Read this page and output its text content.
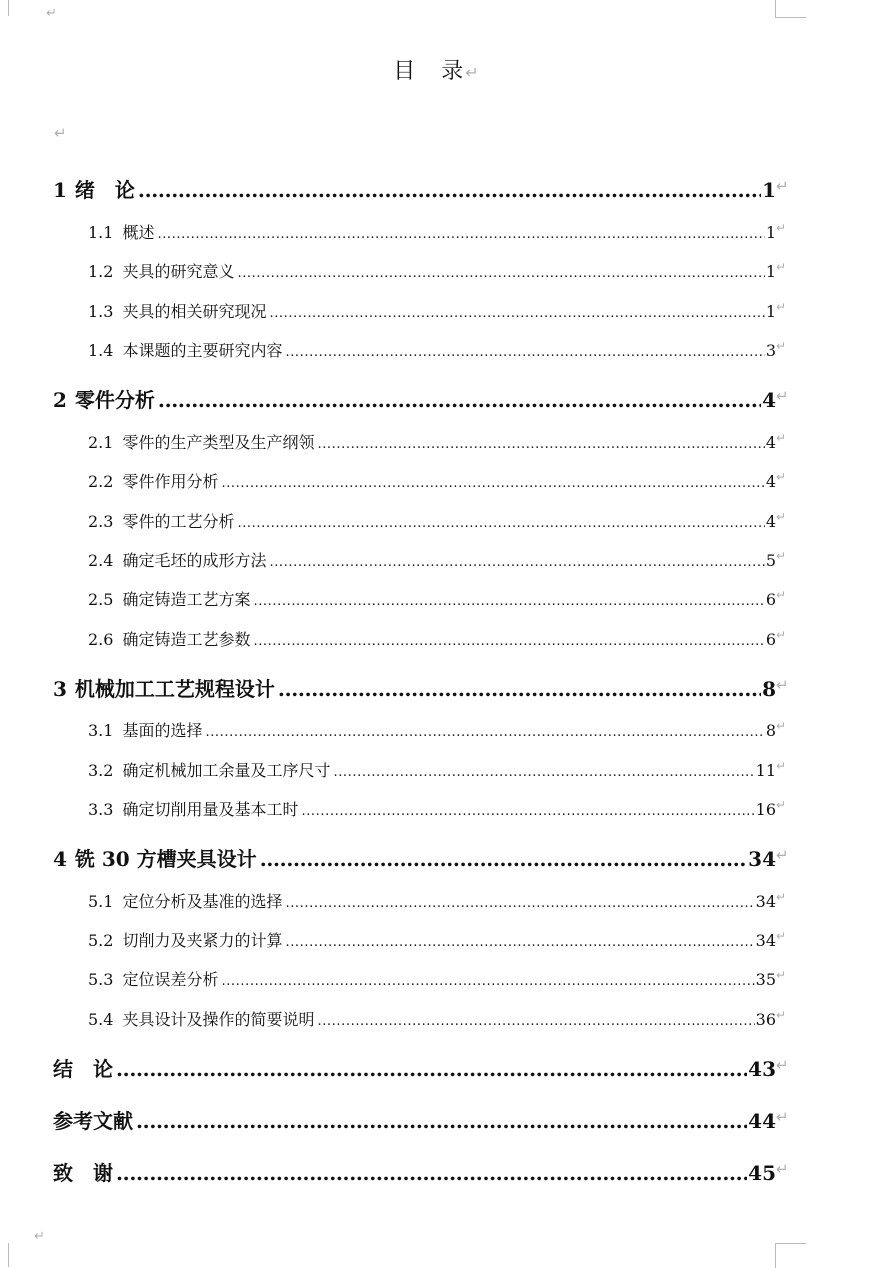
↵
↵
目　录↵
↵
1 绪　论 .....	1 ↵
1.1 概述 .....	1 ↵
1.2 夹具的研究意义 .....	1 ↵
1.3 夹具的相关研究现况 .....	1 ↵
1.4 本课题的主要研究内容 .....	3 ↵
2 零件分析 .....	4 ↵
2.1 零件的生产类型及生产纲领 .....	4 ↵
2.2 零件作用分析 .....	4 ↵
2.3 零件的工艺分析 .....	4 ↵
2.4 确定毛坯的成形方法 .....	5 ↵
2.5 确定铸造工艺方案 .....	6 ↵
2.6 确定铸造工艺参数 .....	6 ↵
3 机械加工工艺规程设计 .....	8 ↵
3.1 基面的选择 .....	8 ↵
3.2 确定机械加工余量及工序尺寸 .....	11 ↵
3.3 确定切削用量及基本工时 .....	16 ↵
4 铣 30 方槽夹具设计 .....	34 ↵
5.1 定位分析及基准的选择 .....	34 ↵
5.2 切削力及夹紧力的计算 .....	34 ↵
5.3 定位误差分析 .....	35 ↵
5.4 夹具设计及操作的简要说明 .....	36 ↵
结　论 .....	43 ↵
参考文献 .....	44 ↵
致　谢 .....	45 ↵
